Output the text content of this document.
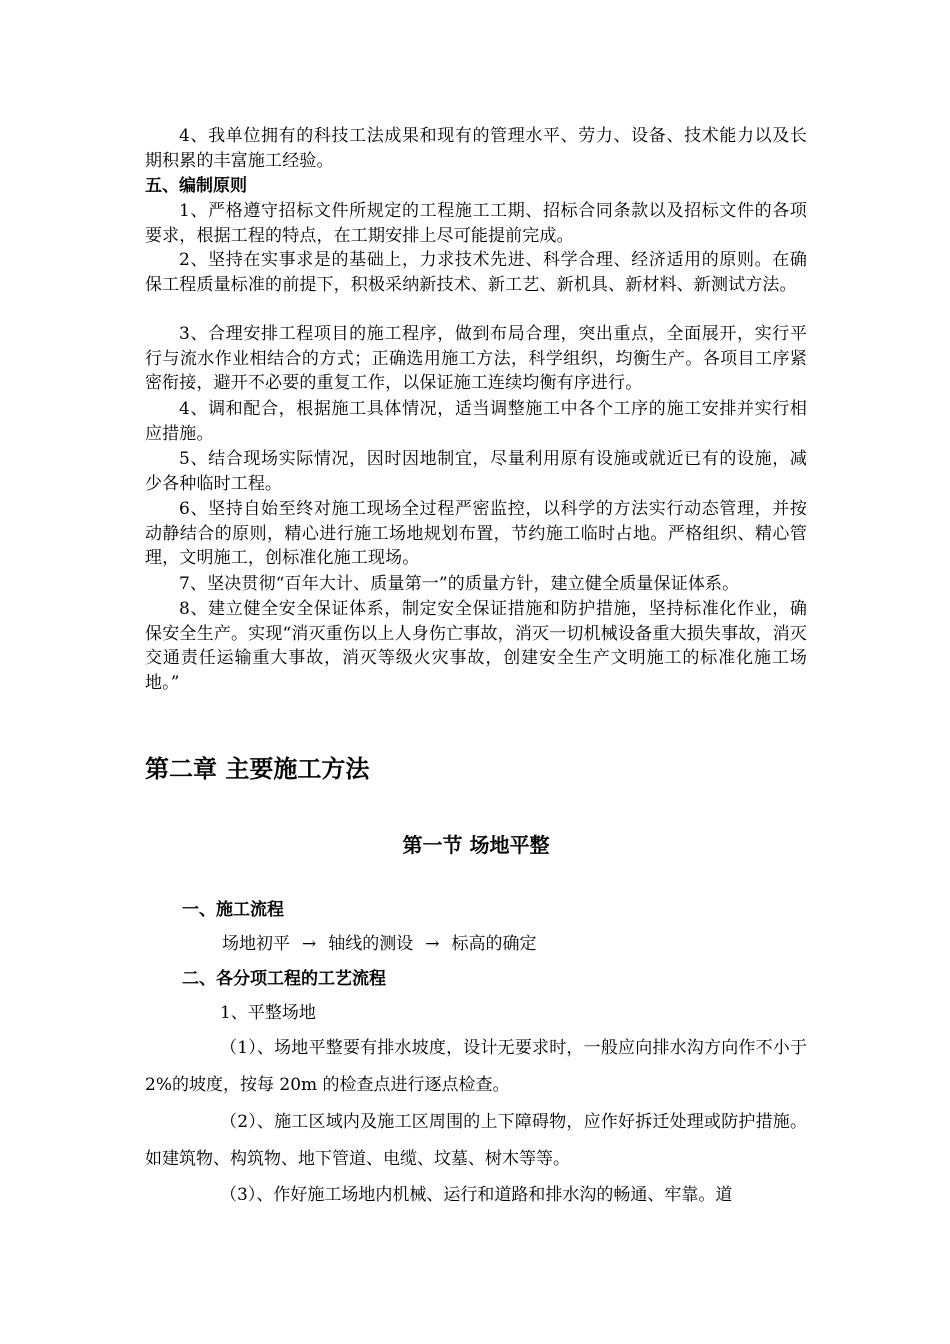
4、我单位拥有的科技工法成果和现有的管理水平、劳力、设备、技术能力以及长期积累的丰富施工经验。

五、编制原则

1、严格遵守招标文件所规定的工程施工工期、招标合同条款以及招标文件的各项要求，根据工程的特点，在工期安排上尽可能提前完成。

2、坚持在实事求是的基础上，力求技术先进、科学合理、经济适用的原则。在确保工程质量标准的前提下，积极采纳新技术、新工艺、新机具、新材料、新测试方法。

3、合理安排工程项目的施工程序，做到布局合理，突出重点，全面展开，实行平行与流水作业相结合的方式；正确选用施工方法，科学组织，均衡生产。各项目工序紧密衔接，避开不必要的重复工作，以保证施工连续均衡有序进行。

4、调和配合，根据施工具体情况，适当调整施工中各个工序的施工安排并实行相应措施。

5、结合现场实际情况，因时因地制宜，尽量利用原有设施或就近已有的设施，减少各种临时工程。

6、坚持自始至终对施工现场全过程严密监控，以科学的方法实行动态管理，并按动静结合的原则，精心进行施工场地规划布置，节约施工临时占地。严格组织、精心管理，文明施工，创标准化施工现场。

7、坚决贯彻“百年大计、质量第一”的质量方针，建立健全质量保证体系。

8、建立健全安全保证体系，制定安全保证措施和防护措施，坚持标准化作业，确保安全生产。实现“消灭重伤以上人身伤亡事故，消灭一切机械设备重大损失事故，消灭交通责任运输重大事故，消灭等级火灾事故，创建安全生产文明施工的标准化施工场地。”

第二章 主要施工方法
第一节 场地平整

一、施工流程

场地初平 → 轴线的测设 → 标高的确定

二、各分项工程的工艺流程

1、平整场地

（1）、场地平整要有排水坡度，设计无要求时，一般应向排水沟方向作不小于 2%的坡度，按每 20m 的检查点进行逐点检查。

（2）、施工区域内及施工区周围的上下障碍物，应作好拆迁处理或防护措施。如建筑物、构筑物、地下管道、电缆、坟墓、树木等等。

（3）、作好施工场地内机械、运行和道路和排水沟的畅通、牢靠。道
